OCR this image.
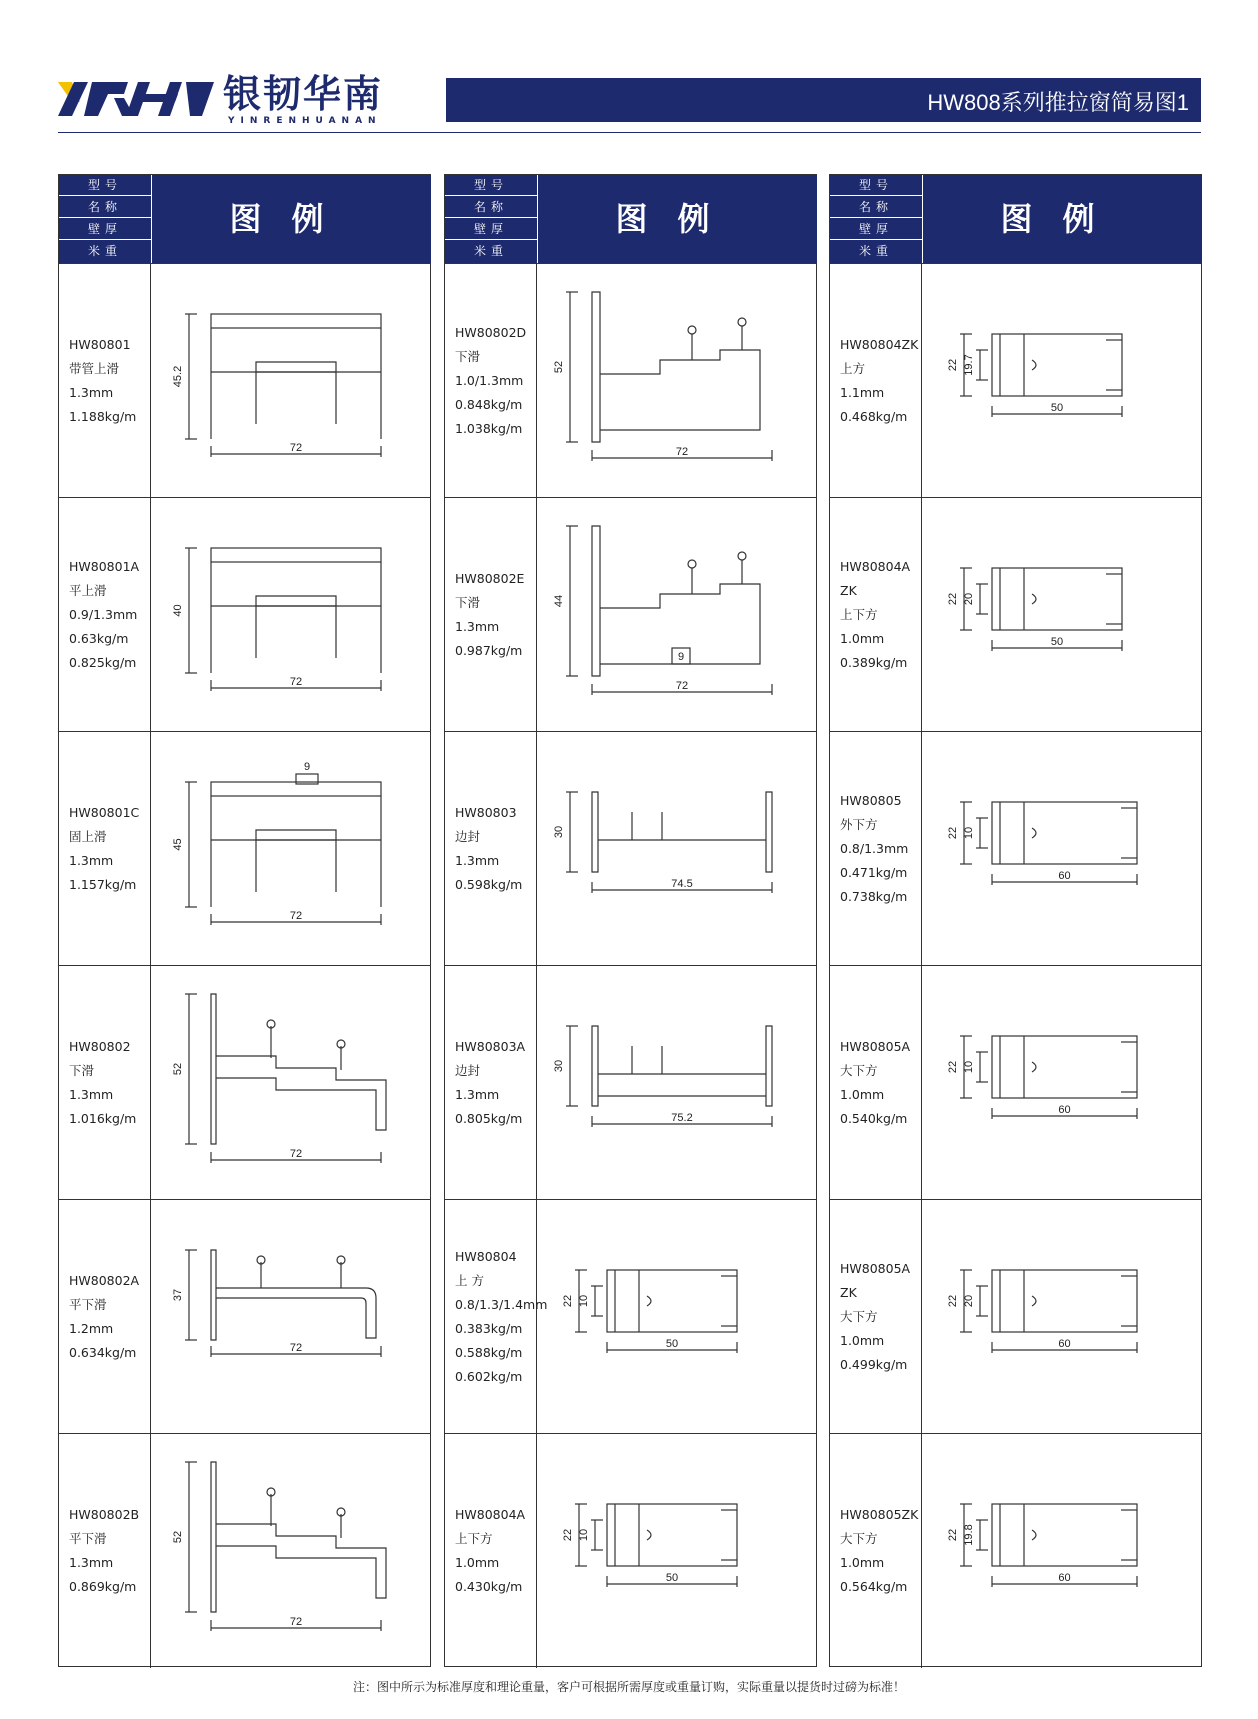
银韧华南
YINRENHUANAN
HW808系列推拉窗简易图1
型号
名称
壁厚
米重
图例
HW80801
带管上滑
1.3mm
1.188kg/m
45.2
72
HW80801A
平上滑
0.9/1.3mm
0.63kg/m
0.825kg/m
40
72
HW80801C
固上滑
1.3mm
1.157kg/m
9
45
72
HW80802
下滑
1.3mm
1.016kg/m
52
72
HW80802A
平下滑
1.2mm
0.634kg/m
37
72
HW80802B
平下滑
1.3mm
0.869kg/m
52
72
型号
名称
壁厚
米重
图例
HW80802D
下滑
1.0/1.3mm
0.848kg/m
1.038kg/m
52
72
HW80802E
下滑
1.3mm
0.987kg/m	9
44
72
HW80803
边封
1.3mm
0.598kg/m
30
74.5
HW80803A
边封
1.3mm
0.805kg/m
30
75.2
HW80804
上 方
0.8/1.3/1.4mm
0.383kg/m
0.588kg/m
0.602kg/m
22 10
50
HW80804A
上下方
1.0mm
0.430kg/m
22 10
50
型号
名称
壁厚
米重
图例
HW80804ZK
上方
1.1mm
0.468kg/m
22 19.7
50
HW80804A
ZK
上下方
1.0mm
0.389kg/m
22 20
50
HW80805
外下方
0.8/1.3mm
0.471kg/m
0.738kg/m
22 10
60
HW80805A
大下方
1.0mm
0.540kg/m
22 10
60
HW80805A
ZK
大下方
1.0mm
0.499kg/m
22 20
60
HW80805ZK
大下方
1.0mm
0.564kg/m
22 19.8
60
注：图中所示为标准厚度和理论重量，客户可根据所需厚度或重量订购，实际重量以提货时过磅为标准！
